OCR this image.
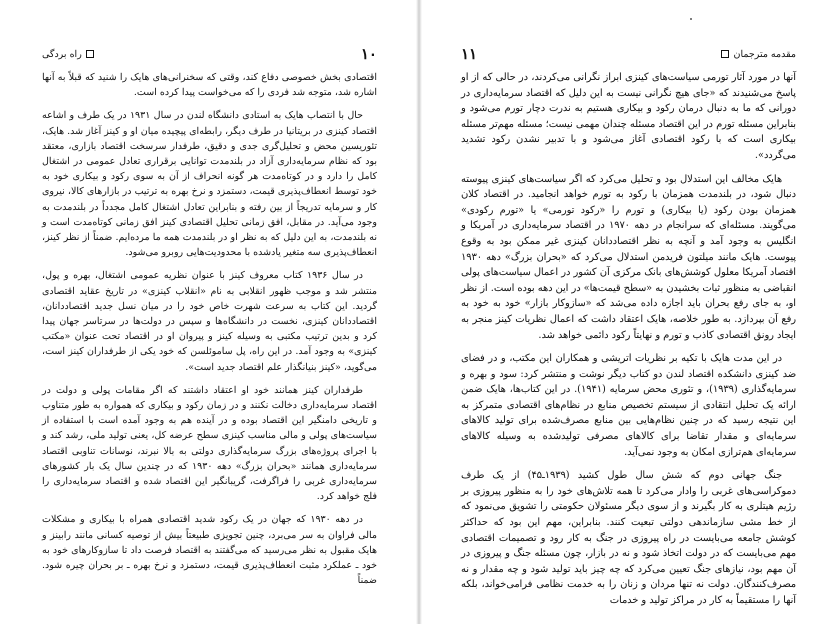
راه بردگی	۱۰

اقتصادی بخش خصوصی دفاع کند، وقتی که سخنرانی‌های هایک را شنید که قبلاً به آنها اشاره شد، متوجه شد فردی را که می‌خواست پیدا کرده است.

حال با انتصاب هایک به استادی دانشگاه لندن در سال ۱۹۳۱ در یک طرف و اشاعه اقتصاد کینزی در بریتانیا در طرف دیگر، رابطه‌ای پیچیده میان او و کینز آغاز شد. هایک، تئوریسین محض و تحلیل‌گری جدی و دقیق، طرفدار سرسخت اقتصاد بازاری، معتقد بود که نظام سرمایه‌داری آزاد در بلندمدت توانایی برقراری تعادل عمومی در اشتغال کامل را دارد و در کوتاه‌مدت هر گونه انحراف از آن به سوی رکود و بیکاری خود به خود توسط انعطاف‌پذیری قیمت، دستمزد و نرخ بهره به ترتیب در بازارهای کالا، نیروی کار و سرمایه تدریجاً از بین رفته و بنابراین تعادل اشتغال کامل مجدداً در بلندمدت به وجود می‌آید. در مقابل، افق زمانی تحلیل اقتصادی کینز افق زمانی کوتاه‌مدت است و نه بلندمدت، به این دلیل که به نظر او در بلندمدت همه ما مرده‌ایم. ضمناً از نظر کینز، انعطاف‌پذیری سه متغیر یادشده با محدودیت‌هایی روبرو می‌شود.

در سال ۱۹۳۶ کتاب معروف کینز با عنوان نظریه عمومی اشتغال، بهره و پول، منتشر شد و موجب ظهور انقلابی به نام «انقلاب کینزی» در تاریخ عقاید اقتصادی گردید. این کتاب به سرعت شهرت خاص خود را در میان نسل جدید اقتصاددانان، اقتصاددانان کینزی، نخست در دانشگاه‌ها و سپس در دولت‌ها در سرتاسر جهان پیدا کرد و بدین ترتیب مکتبی به وسیله کینز و پیروان او در اقتصاد تحت عنوان «مکتب کینزی» به وجود آمد. در این راه، پل ساموئلسن که خود یکی از طرفداران کینز است، می‌گوید، «کینز بنیانگذار علم اقتصاد جدید است».

طرفداران کینز همانند خود او اعتقاد داشتند که اگر مقامات پولی و دولت در اقتصاد سرمایه‌داری دخالت نکنند و در زمان رکود و بیکاری که همواره به طور متناوب و تاریخی دامنگیر این اقتصاد بوده و در آینده هم به وجود آمده است با استفاده از سیاست‌های پولی و مالی مناسب کینزی سطح عرضه کل، یعنی تولید ملی، رشد کند و با اجرای پروژه‌های بزرگ سرمایه‌گذاری دولتی به بالا نبرند، نوسانات تناوبی اقتصاد سرمایه‌داری همانند «بحران بزرگ» دهه ۱۹۳۰ که در چندین سال یک بار کشورهای سرمایه‌داری غربی را فراگرفت، گریبانگیر این اقتصاد شده و اقتصاد سرمایه‌داری را فلج خواهد کرد.

در دهه ۱۹۳۰ که جهان در یک رکود شدید اقتصادی همراه با بیکاری و مشکلات مالی فراوان به سر می‌برد، چنین تجویزی طبیعتاً بیش از توصیه کسانی مانند رابینز و هایک مقبول به نظر می‌رسید که می‌گفتند به اقتصاد فرصت داد تا سازوکارهای خود به خود ـ عملکرد مثبت انعطاف‌پذیری قیمت، دستمزد و نرخ بهره ـ بر بحران چیره شود. ضمناً

۱۱	مقدمه مترجمان

آنها در مورد آثار تورمی سیاست‌های کینزی ابراز نگرانی می‌کردند، در حالی که از او پاسخ می‌شنیدند که «جای هیچ نگرانی نیست به این دلیل که اقتصاد سرمایه‌داری در دورانی که ما به دنبال درمان رکود و بیکاری هستیم به ندرت دچار تورم می‌شود و بنابراین مسئله تورم در این اقتصاد مسئله چندان مهمی نیست؛ مسئله مهم‌تر مسئله بیکاری است که با رکود اقتصادی آغاز می‌شود و با تدبیر نشدن رکود تشدید می‌گردد».

هایک مخالف این استدلال بود و تحلیل می‌کرد که اگر سیاست‌های کینزی پیوسته دنبال شود، در بلندمدت همزمان با رکود به تورم خواهد انجامید. در اقتصاد کلان همزمان بودن رکود (یا بیکاری) و تورم را «رکود تورمی» یا «تورم رکودی» می‌گویند. مسئله‌ای که سرانجام در دهه ۱۹۷۰ در اقتصاد سرمایه‌داری در آمریکا و انگلیس به وجود آمد و آنچه به نظر اقتصاددانان کینزی غیر ممکن بود به وقوع پیوست. هایک مانند میلتون فریدمن استدلال می‌کرد که «بحران بزرگ» دهه ۱۹۳۰ اقتصاد آمریکا معلول کوشش‌های بانک مرکزی آن کشور در اعمال سیاست‌های پولی انقباضی به منظور ثبات بخشیدن به «سطح قیمت‌ها» در این دهه بوده است. از نظر او، به جای رفع بحران باید اجازه داده می‌شد که «سازوکار بازار» خود به خود به رفع آن بپردازد. به طور خلاصه، هایک اعتقاد داشت که اعمال نظریات کینز منجر به ایجاد رونق اقتصادی کاذب و تورم و نهایتاً رکود دائمی خواهد شد.

در این مدت هایک با تکیه بر نظریات اتریشی و همکاران این مکتب، و در فضای ضد کینزی دانشکده اقتصاد لندن دو کتاب دیگر نوشت و منتشر کرد: سود و بهره و سرمایه‌گذاری (۱۹۳۹)، و تئوری محض سرمایه (۱۹۴۱). در این کتاب‌ها، هایک ضمن ارائه یک تحلیل انتقادی از سیستم تخصیص منابع در نظام‌های اقتصادی متمرکز به این نتیجه رسید که در چنین نظام‌هایی بین منابع مصرف‌شده برای تولید کالاهای سرمایه‌ای و مقدار تقاضا برای کالاهای مصرفی تولیدشده به وسیله کالاهای سرمایه‌ای هم‌ترازی امکان به وجود نمی‌آید.

جنگ جهانی دوم که شش سال طول کشید (۱۹۳۹ـ۴۵) از یک طرف دموکراسی‌های غربی را وادار می‌کرد تا همه تلاش‌های خود را به منظور پیروزی بر رژیم هیتلری به کار بگیرند و از سوی دیگر مسئولان حکومتی را تشویق می‌نمود که از خط مشی سازماندهی دولتی تبعیت کنند. بنابراین، مهم این بود که حداکثر کوشش جامعه می‌بایست در راه پیروزی در جنگ به کار رود و تصمیمات اقتصادی مهم می‌بایست که در دولت اتخاذ شود و نه در بازار، چون مسئله جنگ و پیروزی در آن مهم بود، نیازهای جنگ تعیین می‌کرد که چه چیز باید تولید شود و چه مقدار و نه مصرف‌کنندگان. دولت نه تنها مردان و زنان را به خدمت نظامی فرامی‌خواند، بلکه آنها را مستقیماً به کار در مراکز تولید و خدمات
